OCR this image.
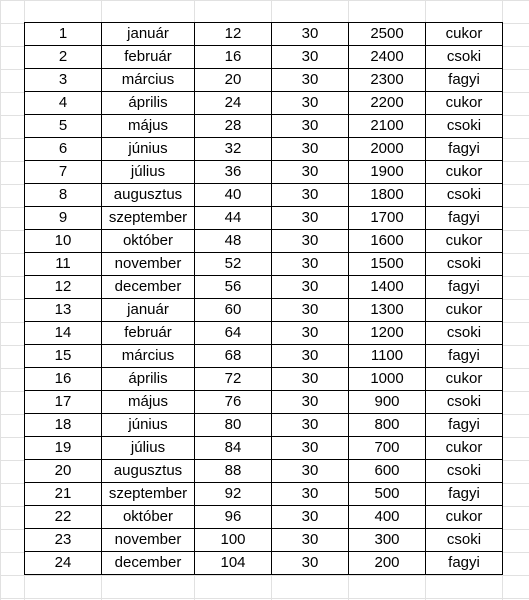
1	január	12	30	2500	cukor
2	február	16	30	2400	csoki
3	március	20	30	2300	fagyi
4	április	24	30	2200	cukor
5	május	28	30	2100	csoki
6	június	32	30	2000	fagyi
7	július	36	30	1900	cukor
8	augusztus	40	30	1800	csoki
9	szeptember	44	30	1700	fagyi
10	október	48	30	1600	cukor
11	november	52	30	1500	csoki
12	december	56	30	1400	fagyi
13	január	60	30	1300	cukor
14	február	64	30	1200	csoki
15	március	68	30	1100	fagyi
16	április	72	30	1000	cukor
17	május	76	30	900	csoki
18	június	80	30	800	fagyi
19	július	84	30	700	cukor
20	augusztus	88	30	600	csoki
21	szeptember	92	30	500	fagyi
22	október	96	30	400	cukor
23	november	100	30	300	csoki
24	december	104	30	200	fagyi
